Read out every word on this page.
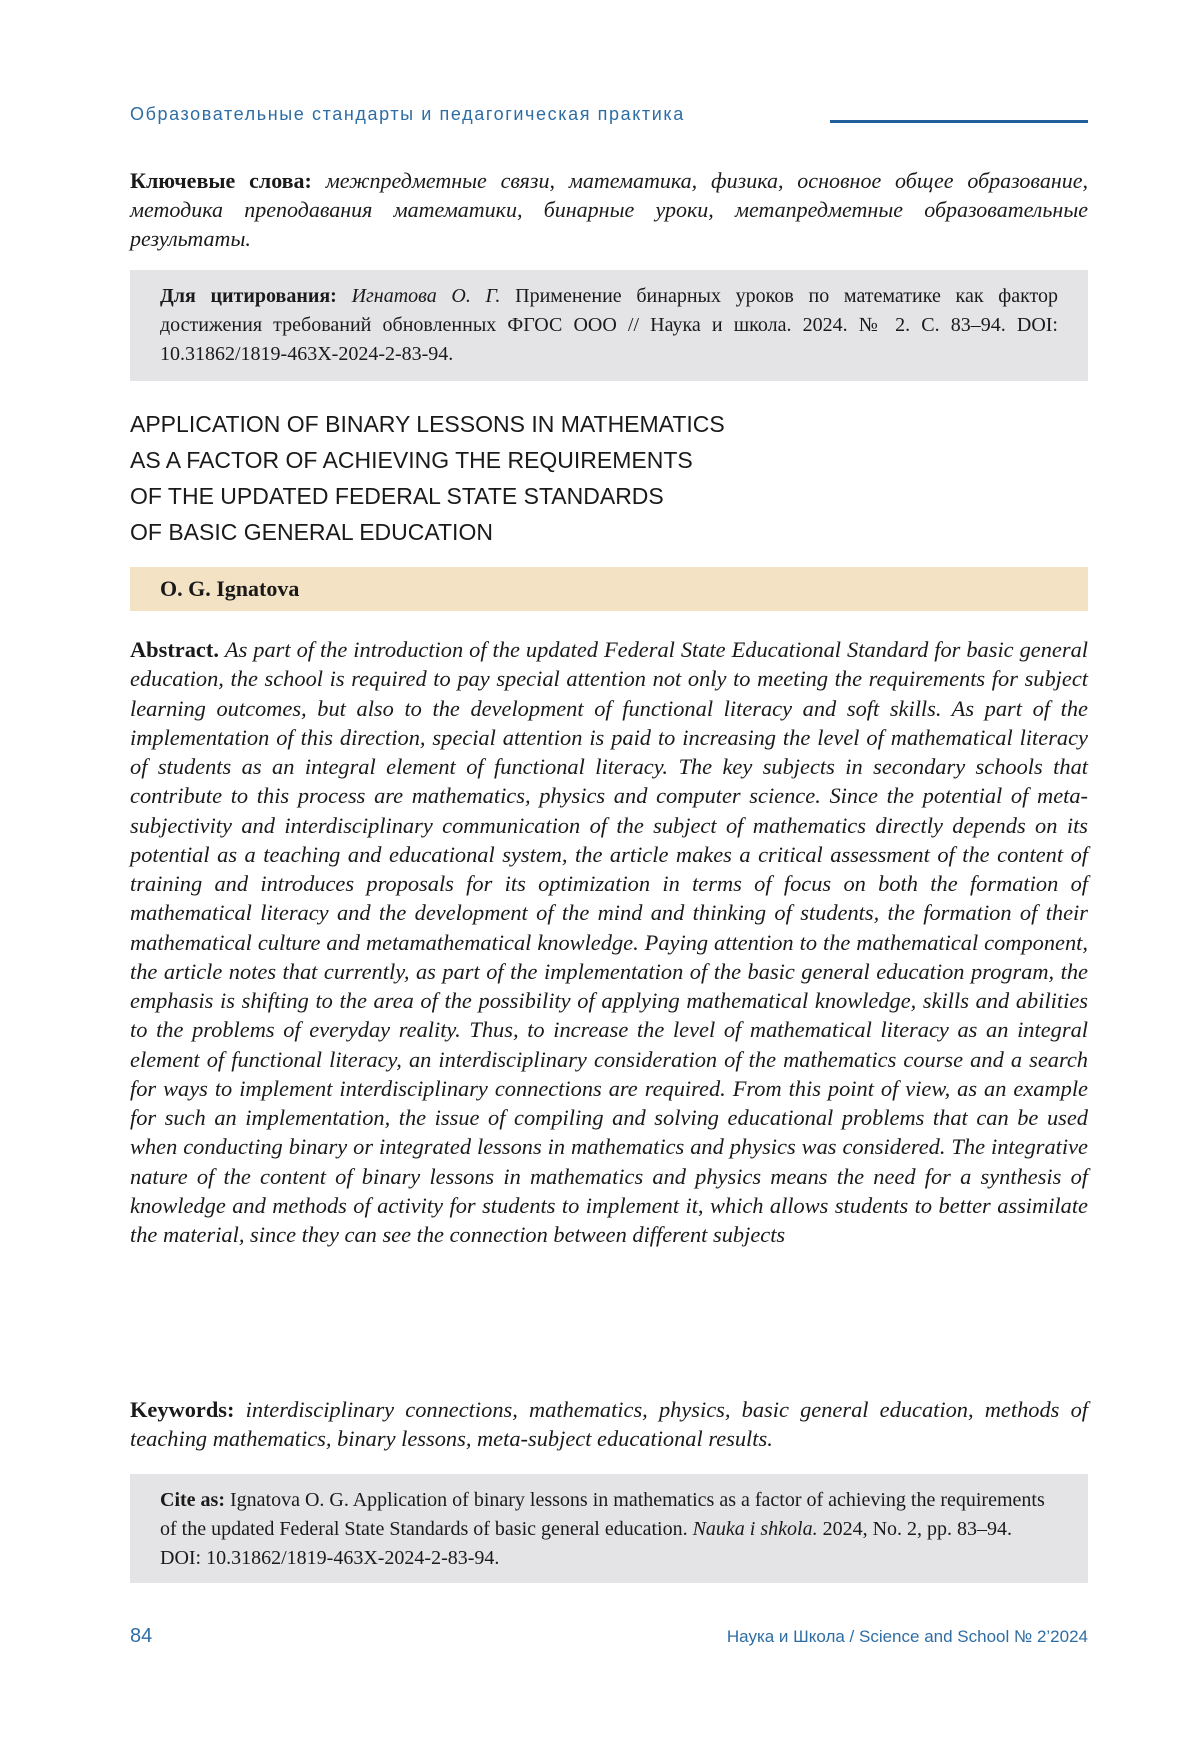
Образовательные стандарты и педагогическая практика
Ключевые слова: межпредметные связи, математика, физика, основное общее образование, методика преподавания математики, бинарные уроки, метапредметные образовательные результаты.
Для цитирования: Игнатова О. Г. Применение бинарных уроков по математике как фактор достижения требований обновленных ФГОС ООО // Наука и школа. 2024. № 2. С. 83–94. DOI: 10.31862/1819-463X-2024-2-83-94.
APPLICATION OF BINARY LESSONS IN MATHEMATICS
AS A FACTOR OF ACHIEVING THE REQUIREMENTS
OF THE UPDATED FEDERAL STATE STANDARDS
OF BASIC GENERAL EDUCATION
O. G. Ignatova
Abstract. As part of the introduction of the updated Federal State Educational Standard for basic general education, the school is required to pay special attention not only to meeting the requirements for subject learning outcomes, but also to the development of functional literacy and soft skills. As part of the implementation of this direction, special attention is paid to increasing the level of mathematical literacy of students as an integral element of functional literacy. The key subjects in secondary schools that contribute to this process are mathematics, physics and computer science. Since the potential of meta-subjectivity and interdisciplinary communication of the subject of mathematics directly depends on its potential as a teaching and educational system, the article makes a critical assessment of the content of training and introduces proposals for its optimization in terms of focus on both the formation of mathematical literacy and the development of the mind and thinking of students, the formation of their mathematical culture and metamathematical knowledge. Paying attention to the mathematical component, the article notes that currently, as part of the implementation of the basic general education program, the emphasis is shifting to the area of the possibility of applying mathematical knowledge, skills and abilities to the problems of everyday reality. Thus, to increase the level of mathematical literacy as an integral element of functional literacy, an interdisciplinary consideration of the mathematics course and a search for ways to implement interdisciplinary connections are required. From this point of view, as an example for such an implementation, the issue of compiling and solving educational problems that can be used when conducting binary or integrated lessons in mathematics and physics was considered. The integrative nature of the content of binary lessons in mathematics and physics means the need for a synthesis of knowledge and methods of activity for students to implement it, which allows students to better assimilate the material, since they can see the connection between different subjects
Keywords: interdisciplinary connections, mathematics, physics, basic general education, methods of teaching mathematics, binary lessons, meta-subject educational results.
Cite as: Ignatova O. G. Application of binary lessons in mathematics as a factor of achieving the requirements of the updated Federal State Standards of basic general education. Nauka i shkola. 2024, No. 2, pp. 83–94. DOI: 10.31862/1819-463X-2024-2-83-94.
84	Наука и Школа / Science and School № 2’2024
